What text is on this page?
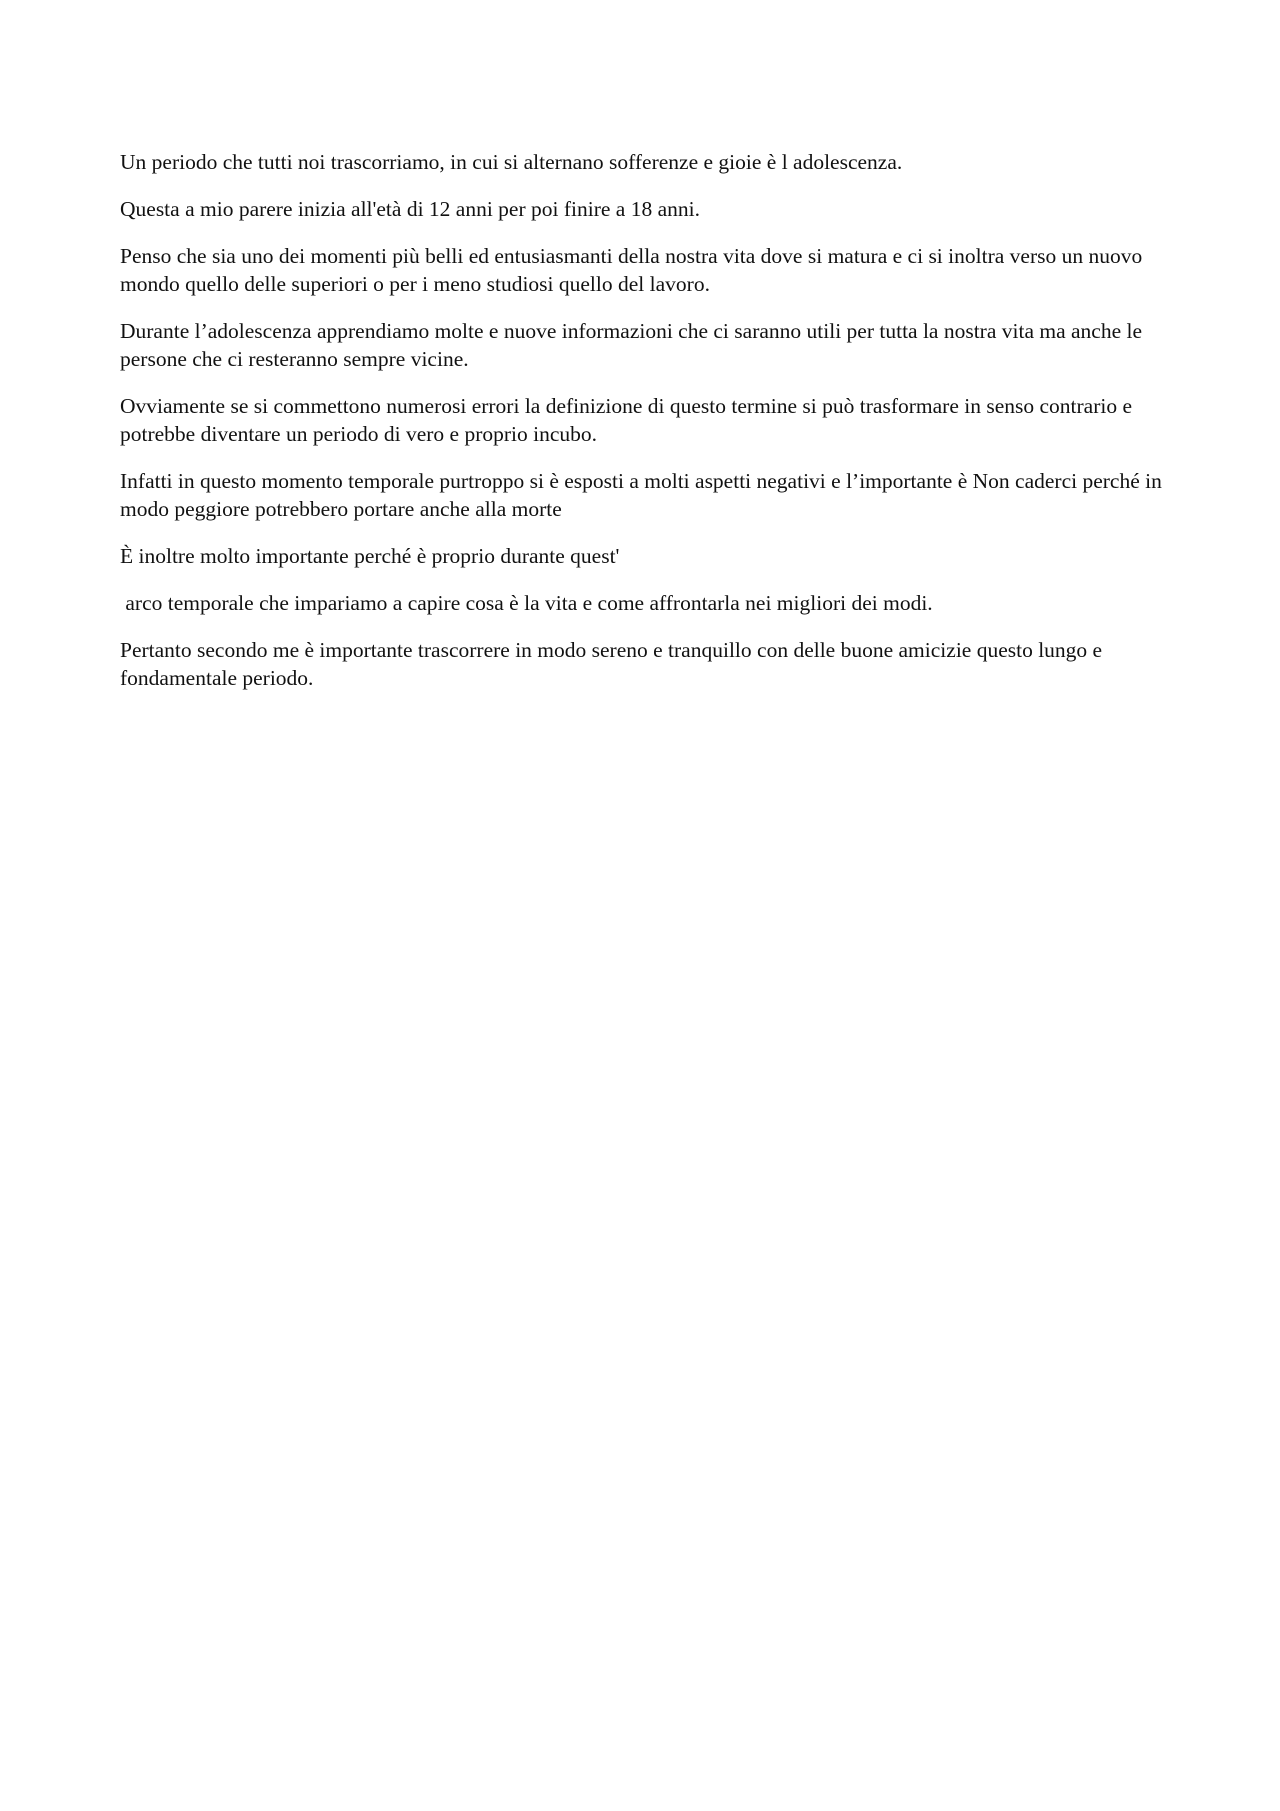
Un periodo che tutti noi trascorriamo, in cui si alternano sofferenze e gioie è l adolescenza.

Questa a mio parere inizia all'età di 12 anni per poi finire a 18 anni.

Penso che sia uno dei momenti più belli ed entusiasmanti della nostra vita dove si matura e ci si inoltra verso un nuovo mondo quello delle superiori o per i meno studiosi quello del lavoro.

Durante l’adolescenza apprendiamo molte e nuove informazioni che ci saranno utili per tutta la nostra vita ma anche le persone che ci resteranno sempre vicine.

Ovviamente se si commettono numerosi errori la definizione di questo termine si può trasformare in senso contrario e potrebbe diventare un periodo di vero e proprio incubo.

Infatti in questo momento temporale purtroppo si è esposti a molti aspetti negativi e l’importante è Non caderci perché in modo peggiore potrebbero portare anche alla morte

È inoltre molto importante perché è proprio durante quest'

arco temporale che impariamo a capire cosa è la vita e come affrontarla nei migliori dei modi.

Pertanto secondo me è importante trascorrere in modo sereno e tranquillo con delle buone amicizie questo lungo e fondamentale periodo.
